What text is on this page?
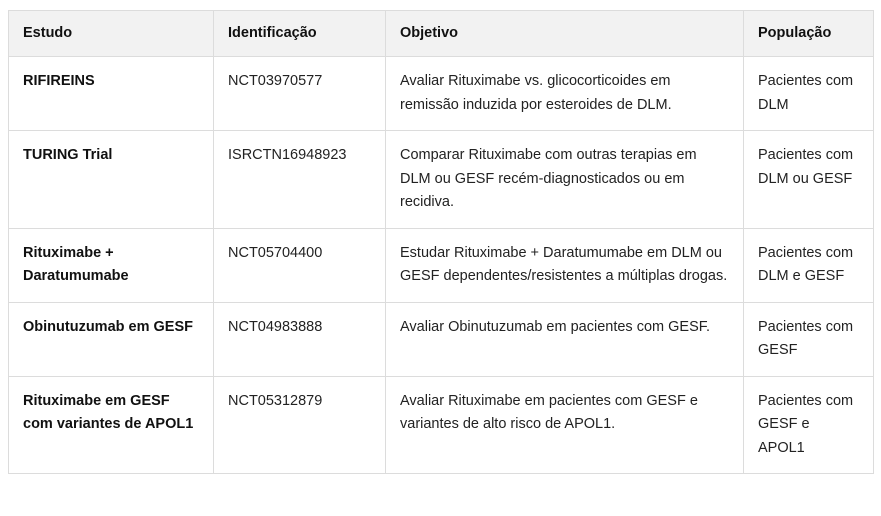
Estudo	Identificação	Objetivo	População
RIFIREINS	NCT03970577	Avaliar Rituximabe vs. glicocorticoides em remissão induzida por esteroides de DLM.	Pacientes com DLM
TURING Trial	ISRCTN16948923	Comparar Rituximabe com outras terapias em DLM ou GESF recém-diagnosticados ou em recidiva.	Pacientes com DLM ou GESF
Rituximabe + Daratumumabe	NCT05704400	Estudar Rituximabe + Daratumumabe em DLM ou GESF dependentes/resistentes a múltiplas drogas.	Pacientes com DLM e GESF
Obinutuzumab em GESF	NCT04983888	Avaliar Obinutuzumab em pacientes com GESF.	Pacientes com GESF
Rituximabe em GESF com variantes de APOL1	NCT05312879	Avaliar Rituximabe em pacientes com GESF e variantes de alto risco de APOL1.	Pacientes com GESF e APOL1
